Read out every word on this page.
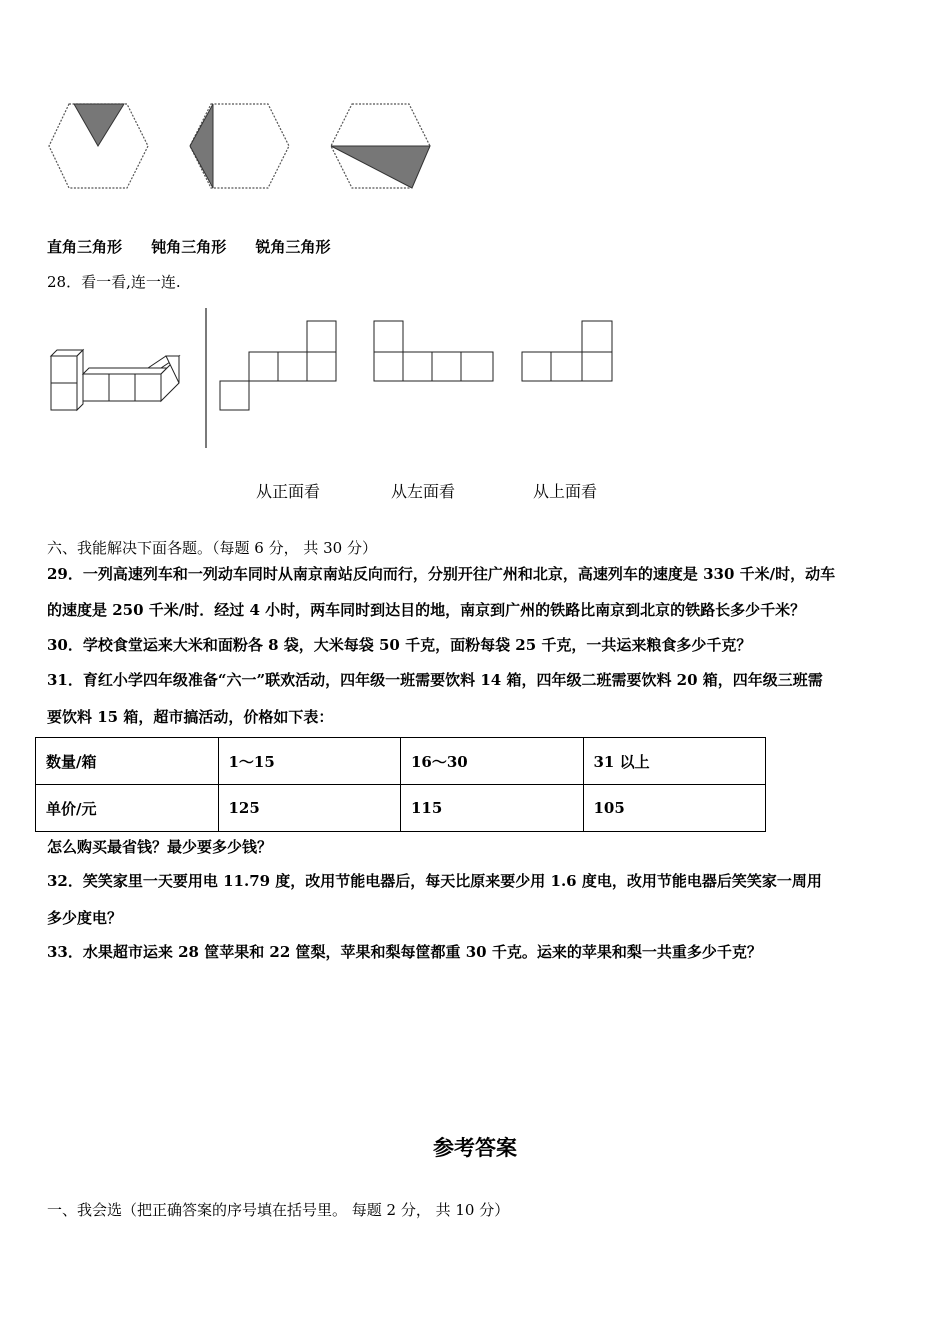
直角三角形 钝角三角形 锐角三角形
28．看一看,连一连.
从正面看	从左面看	从上面看
六、我能解决下面各题。（每题 6 分， 共 30 分）
29．一列高速列车和一列动车同时从南京南站反向而行，分别开往广州和北京，高速列车的速度是 330 千米/时，动车
的速度是 250 千米/时．经过 4 小时，两车同时到达目的地，南京到广州的铁路比南京到北京的铁路长多少千米？
30．学校食堂运来大米和面粉各 8 袋，大米每袋 50 千克，面粉每袋 25 千克，一共运来粮食多少千克？
31．育红小学四年级准备“六一”联欢活动，四年级一班需要饮料 14 箱，四年级二班需要饮料 20 箱，四年级三班需
要饮料 15 箱，超市搞活动，价格如下表：
数量/箱	1～15	16～30	31 以上
单价/元	125	115	105
怎么购买最省钱？最少要多少钱？
32．笑笑家里一天要用电 11.79 度，改用节能电器后，每天比原来要少用 1.6 度电，改用节能电器后笑笑家一周用
多少度电？
33．水果超市运来 28 筐苹果和 22 筐梨，苹果和梨每筐都重 30 千克。运来的苹果和梨一共重多少千克？
参考答案
一、我会选（把正确答案的序号填在括号里。 每题 2 分， 共 10 分）
